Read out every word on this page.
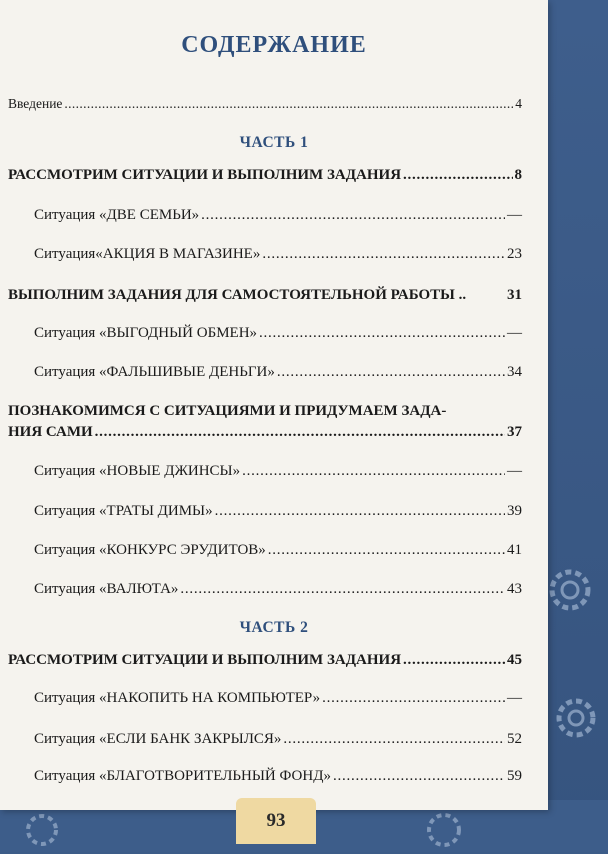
СОДЕРЖАНИЕ
Введение . . .	4
ЧАСТЬ 1
РАССМОТРИМ СИТУАЦИИ И ВЫПОЛНИМ ЗАДАНИЯ . . .	8
Ситуация «ДВЕ СЕМЬИ» . . .	—
Ситуация«АКЦИЯ В МАГАЗИНЕ» . . .	23
ВЫПОЛНИМ ЗАДАНИЯ ДЛЯ САМОСТОЯТЕЛЬНОЙ РАБОТЫ ..	31
Ситуация «ВЫГОДНЫЙ ОБМЕН» . . .	—
Ситуация «ФАЛЬШИВЫЕ ДЕНЬГИ» . . .	34
ПОЗНАКОМИМСЯ С СИТУАЦИЯМИ И ПРИДУМАЕМ ЗАДА-
НИЯ САМИ . . .	37
Ситуация «НОВЫЕ ДЖИНСЫ» . . .	—
Ситуация «ТРАТЫ ДИМЫ» . . .	39
Ситуация «КОНКУРС ЭРУДИТОВ» . . .	41
Ситуация «ВАЛЮТА» . . .	43
ЧАСТЬ 2
РАССМОТРИМ СИТУАЦИИ И ВЫПОЛНИМ ЗАДАНИЯ . . .	45
Ситуация «НАКОПИТЬ НА КОМПЬЮТЕР» . . .	—
Ситуация «ЕСЛИ БАНК ЗАКРЫЛСЯ» . . .	52
Ситуация «БЛАГОТВОРИТЕЛЬНЫЙ ФОНД» . . .	59
93
